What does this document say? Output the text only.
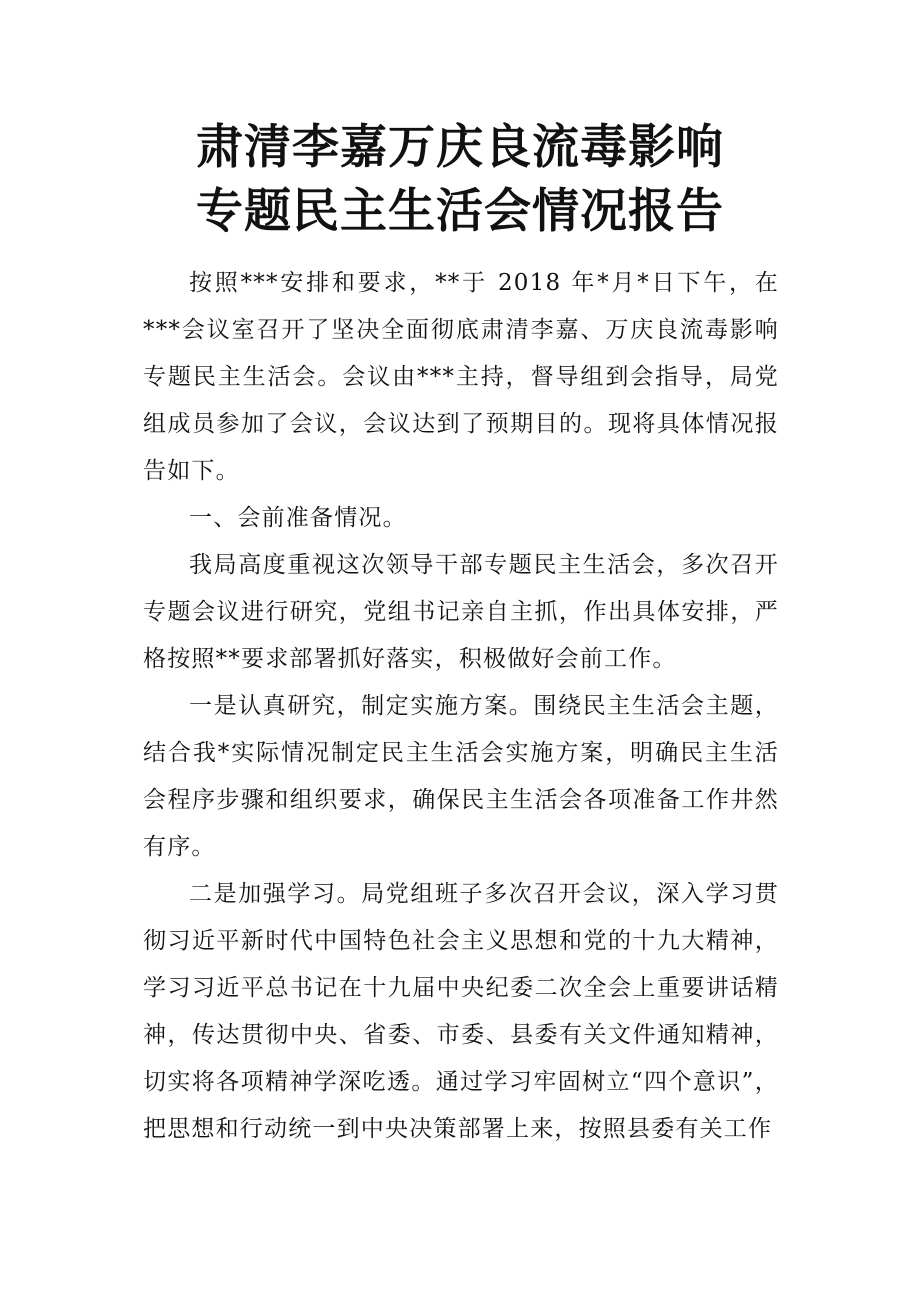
肃清李嘉万庆良流毒影响
专题民主生活会情况报告

按照***安排和要求，**于 2018 年*月*日下午，在***会议室召开了坚决全面彻底肃清李嘉、万庆良流毒影响专题民主生活会。会议由***主持，督导组到会指导，局党组成员参加了会议，会议达到了预期目的。现将具体情况报告如下。

一、会前准备情况。

我局高度重视这次领导干部专题民主生活会，多次召开专题会议进行研究，党组书记亲自主抓，作出具体安排，严格按照**要求部署抓好落实，积极做好会前工作。

一是认真研究，制定实施方案。围绕民主生活会主题，结合我*实际情况制定民主生活会实施方案，明确民主生活会程序步骤和组织要求，确保民主生活会各项准备工作井然有序。

二是加强学习。局党组班子多次召开会议，深入学习贯彻习近平新时代中国特色社会主义思想和党的十九大精神，学习习近平总书记在十九届中央纪委二次全会上重要讲话精神，传达贯彻中央、省委、市委、县委有关文件通知精神，切实将各项精神学深吃透。通过学习牢固树立“四个意识”，把思想和行动统一到中央决策部署上来，按照县委有关工作
